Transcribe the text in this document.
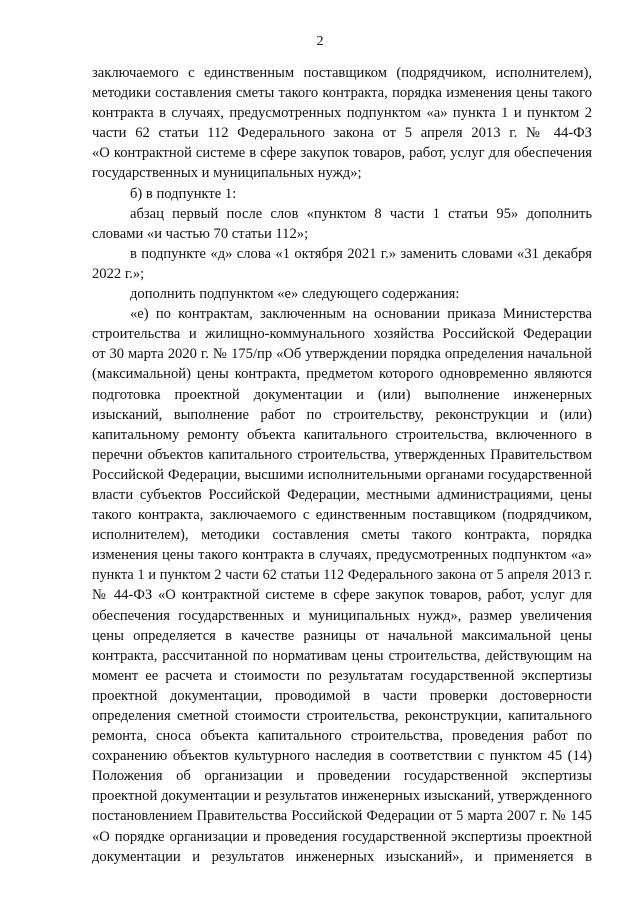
2
заключаемого с единственным поставщиком (подрядчиком, исполнителем),
методики составления сметы такого контракта, порядка изменения цены такого
контракта в случаях, предусмотренных подпунктом «а» пункта 1 и пунктом 2
части 62 статьи 112 Федерального закона от 5 апреля 2013 г. № 44-ФЗ
«О контрактной системе в сфере закупок товаров, работ, услуг для обеспечения
государственных и муниципальных нужд»;
б) в подпункте 1:
абзац первый после слов «пунктом 8 части 1 статьи 95» дополнить
словами «и частью 70 статьи 112»;
в подпункте «д» слова «1 октября 2021 г.» заменить словами «31 декабря
2022 г.»;
дополнить подпунктом «е» следующего содержания:
«е) по контрактам, заключенным на основании приказа Министерства
строительства и жилищно-коммунального хозяйства Российской Федерации
от 30 марта 2020 г. № 175/пр «Об утверждении порядка определения начальной
(максимальной) цены контракта, предметом которого одновременно являются
подготовка проектной документации и (или) выполнение инженерных
изысканий, выполнение работ по строительству, реконструкции и (или)
капитальному ремонту объекта капитального строительства, включенного в
перечни объектов капитального строительства, утвержденных Правительством
Российской Федерации, высшими исполнительными органами государственной
власти субъектов Российской Федерации, местными администрациями, цены
такого контракта, заключаемого с единственным поставщиком (подрядчиком,
исполнителем), методики составления сметы такого контракта, порядка
изменения цены такого контракта в случаях, предусмотренных подпунктом «а»
пункта 1 и пунктом 2 части 62 статьи 112 Федерального закона от 5 апреля 2013 г.
№ 44-ФЗ «О контрактной системе в сфере закупок товаров, работ, услуг для
обеспечения государственных и муниципальных нужд», размер увеличения
цены определяется в качестве разницы от начальной максимальной цены
контракта, рассчитанной по нормативам цены строительства, действующим на
момент ее расчета и стоимости по результатам государственной экспертизы
проектной документации, проводимой в части проверки достоверности
определения сметной стоимости строительства, реконструкции, капитального
ремонта, сноса объекта капитального строительства, проведения работ по
сохранению объектов культурного наследия в соответствии с пунктом 45 (14)
Положения об организации и проведении государственной экспертизы
проектной документации и результатов инженерных изысканий, утвержденного
постановлением Правительства Российской Федерации от 5 марта 2007 г. № 145
«О порядке организации и проведения государственной экспертизы проектной
документации и результатов инженерных изысканий», и применяется в
